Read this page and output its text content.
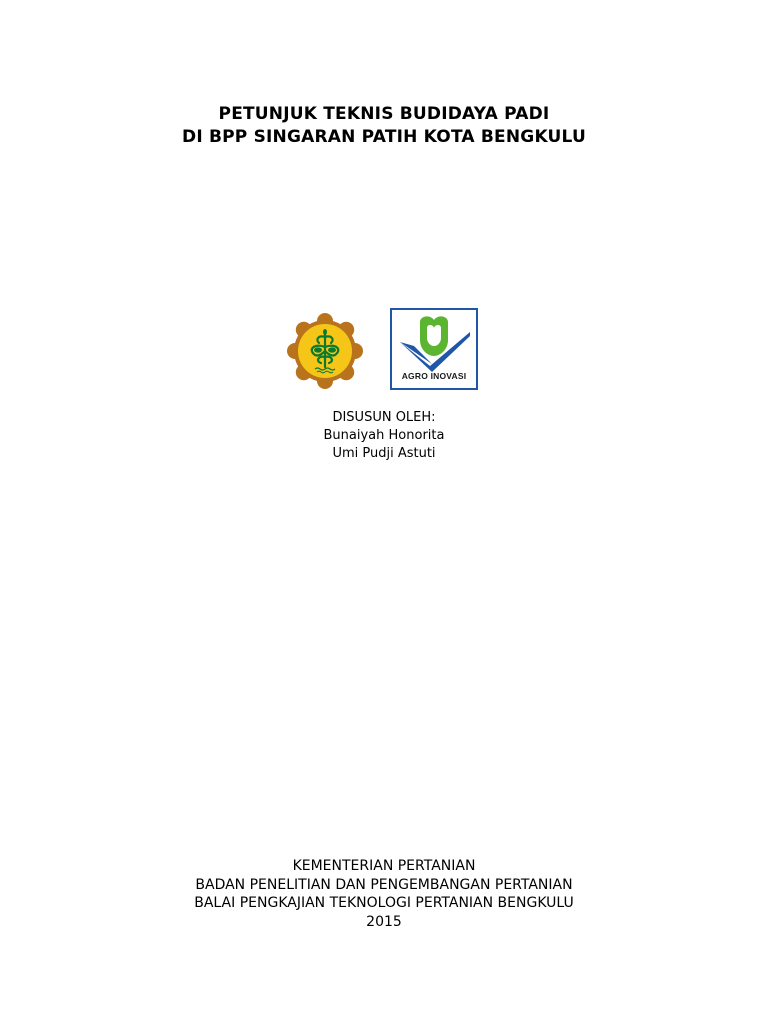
PETUNJUK TEKNIS BUDIDAYA PADI
DI BPP SINGARAN PATIH KOTA BENGKULU
AGRO INOVASI
DISUSUN OLEH:
Bunaiyah Honorita
Umi Pudji Astuti
KEMENTERIAN PERTANIAN
BADAN PENELITIAN DAN PENGEMBANGAN PERTANIAN
BALAI PENGKAJIAN TEKNOLOGI PERTANIAN BENGKULU
2015
